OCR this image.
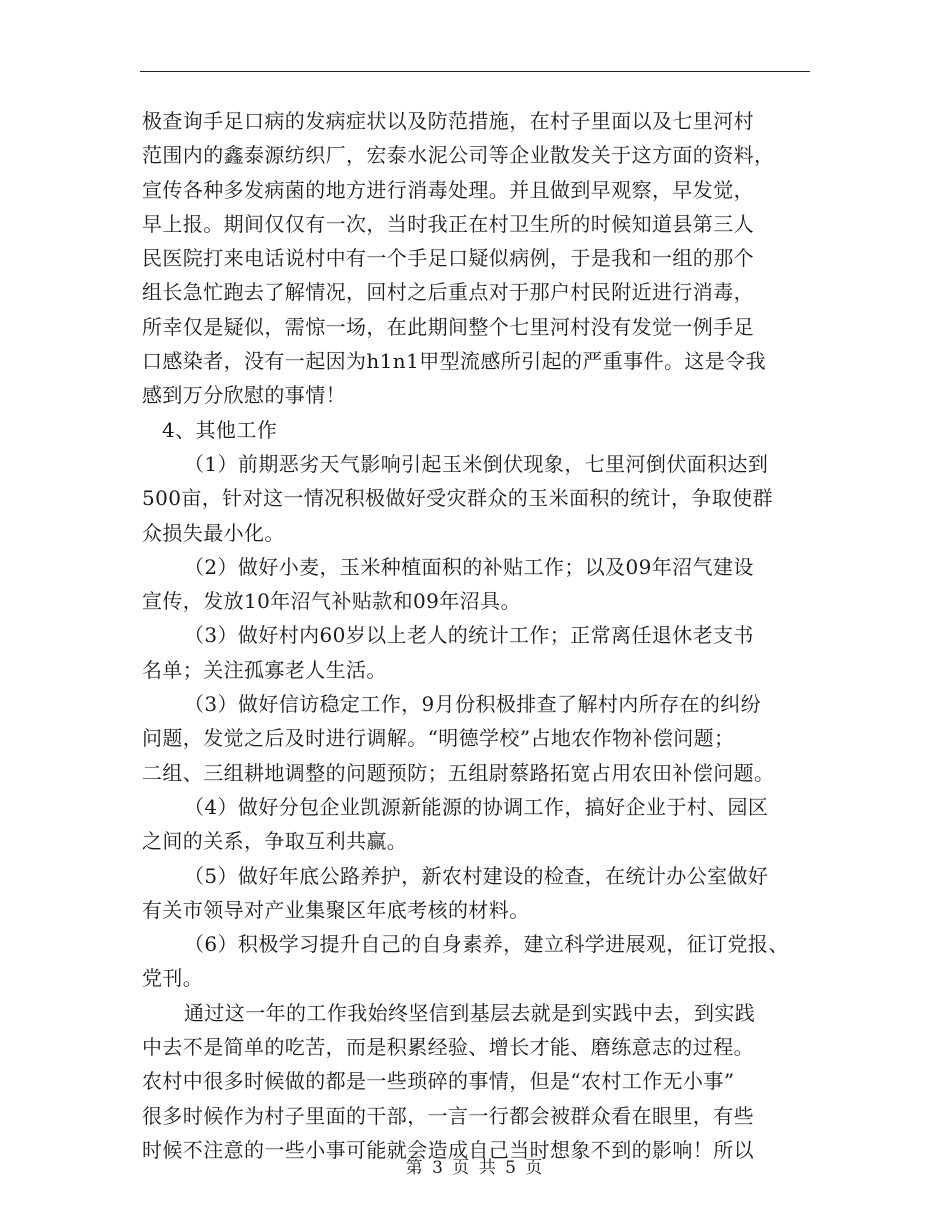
极查询手足口病的发病症状以及防范措施，在村子里面以及七里河村
范围内的鑫泰源纺织厂，宏泰水泥公司等企业散发关于这方面的资料，
宣传各种多发病菌的地方进行消毒处理。并且做到早观察，早发觉，
早上报。期间仅仅有一次，当时我正在村卫生所的时候知道县第三人
民医院打来电话说村中有一个手足口疑似病例，于是我和一组的那个
组长急忙跑去了解情况，回村之后重点对于那户村民附近进行消毒，
所幸仅是疑似，需惊一场，在此期间整个七里河村没有发觉一例手足
口感染者，没有一起因为h1n1甲型流感所引起的严重事件。这是令我
感到万分欣慰的事情！
4、其他工作
（1）前期恶劣天气影响引起玉米倒伏现象，七里河倒伏面积达到
500亩，针对这一情况积极做好受灾群众的玉米面积的统计，争取使群
众损失最小化。
（2）做好小麦，玉米种植面积的补贴工作；以及09年沼气建设
宣传，发放10年沼气补贴款和09年沼具。
（3）做好村内60岁以上老人的统计工作；正常离任退休老支书
名单；关注孤寡老人生活。
（3）做好信访稳定工作，9月份积极排查了解村内所存在的纠纷
问题，发觉之后及时进行调解。“明德学校”占地农作物补偿问题；
二组、三组耕地调整的问题预防；五组尉蔡路拓宽占用农田补偿问题。
（4）做好分包企业凯源新能源的协调工作，搞好企业于村、园区
之间的关系，争取互利共赢。
（5）做好年底公路养护，新农村建设的检查，在统计办公室做好
有关市领导对产业集聚区年底考核的材料。
（6）积极学习提升自己的自身素养，建立科学进展观，征订党报、
党刊。
通过这一年的工作我始终坚信到基层去就是到实践中去，到实践
中去不是简单的吃苦，而是积累经验、增长才能、磨练意志的过程。
农村中很多时候做的都是一些琐碎的事情，但是“农村工作无小事”
很多时候作为村子里面的干部，一言一行都会被群众看在眼里，有些
时候不注意的一些小事可能就会造成自己当时想象不到的影响！所以
第 3 页 共 5 页
